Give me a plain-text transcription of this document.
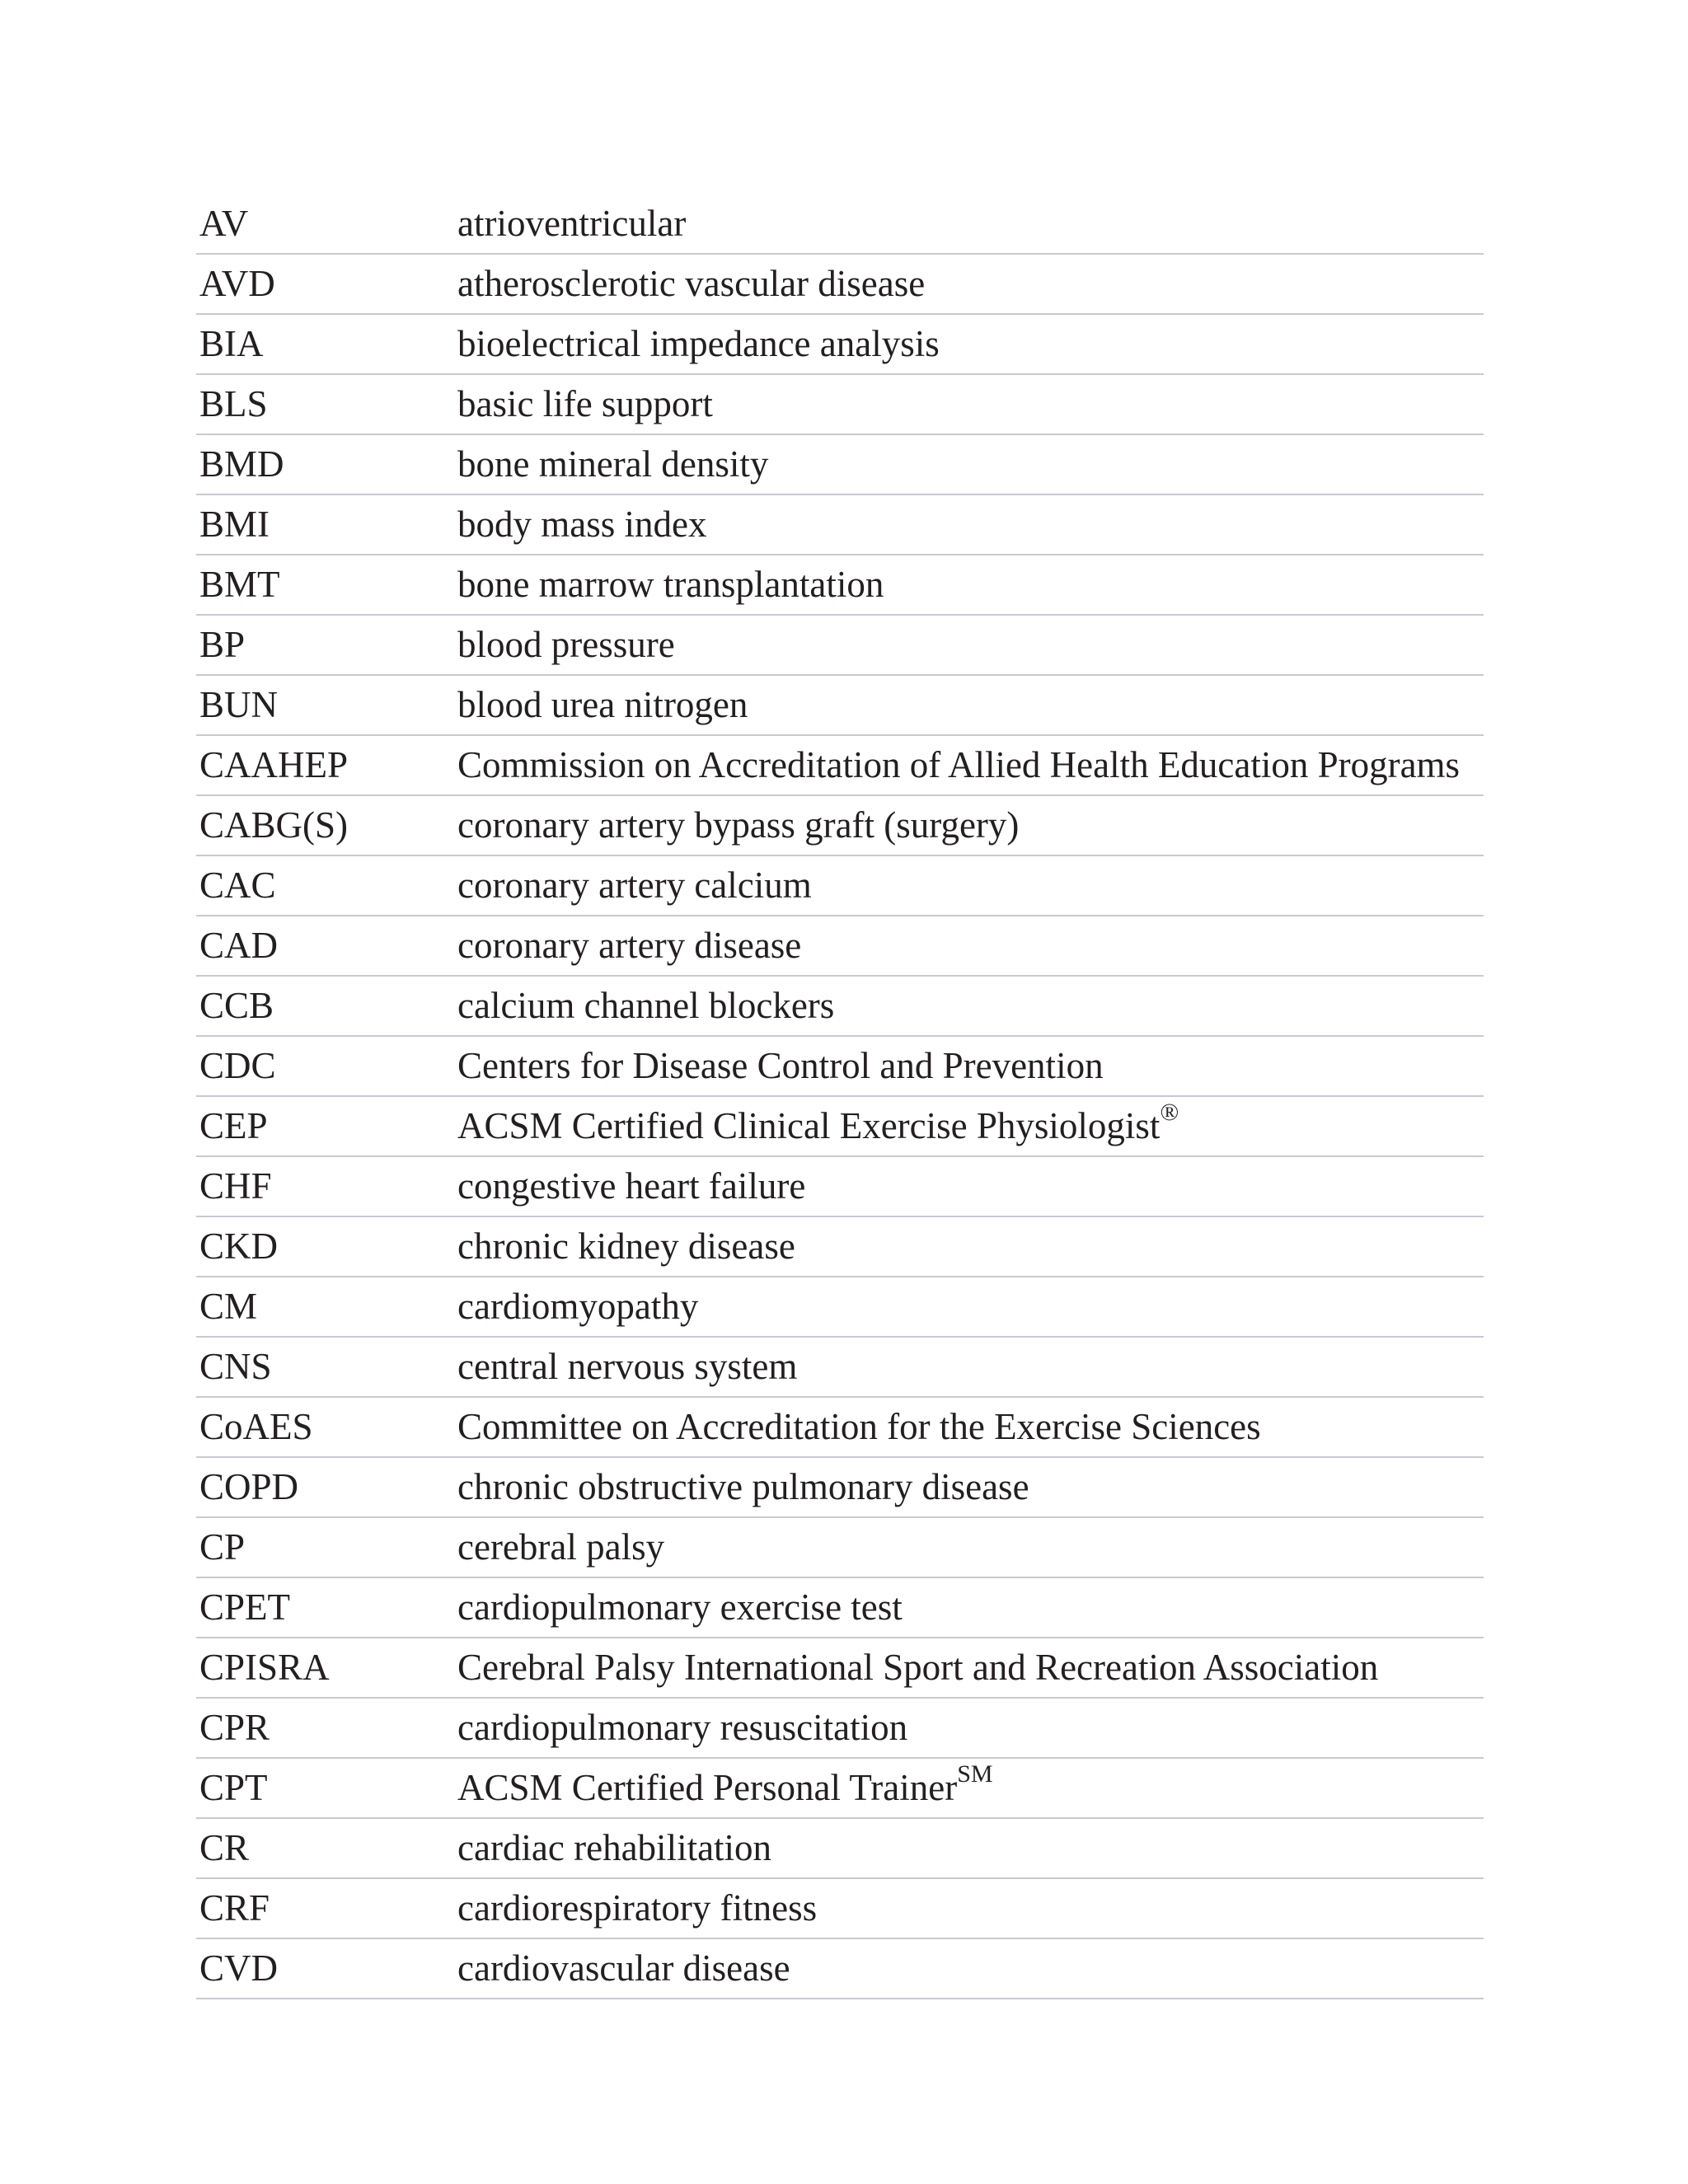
AV	atrioventricular
AVD	atherosclerotic vascular disease
BIA	bioelectrical impedance analysis
BLS	basic life support
BMD	bone mineral density
BMI	body mass index
BMT	bone marrow transplantation
BP	blood pressure
BUN	blood urea nitrogen
CAAHEP	Commission on Accreditation of Allied Health Education Programs
CABG(S)	coronary artery bypass graft (surgery)
CAC	coronary artery calcium
CAD	coronary artery disease
CCB	calcium channel blockers
CDC	Centers for Disease Control and Prevention
CEP	ACSM Certified Clinical Exercise Physiologist®
CHF	congestive heart failure
CKD	chronic kidney disease
CM	cardiomyopathy
CNS	central nervous system
CoAES	Committee on Accreditation for the Exercise Sciences
COPD	chronic obstructive pulmonary disease
CP	cerebral palsy
CPET	cardiopulmonary exercise test
CPISRA	Cerebral Palsy International Sport and Recreation Association
CPR	cardiopulmonary resuscitation
CPT	ACSM Certified Personal Trainer℠
CR	cardiac rehabilitation
CRF	cardiorespiratory fitness
CVD	cardiovascular disease
